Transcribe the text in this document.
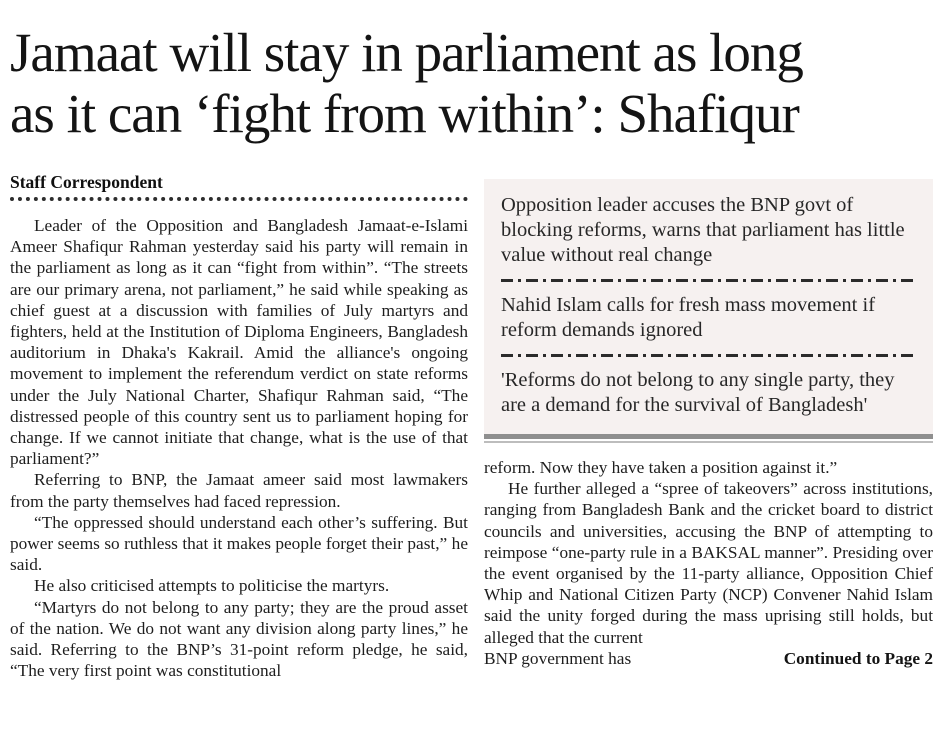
Jamaat will stay in parliament as long
as it can ‘fight from within’: Shafiqur
Staff Correspondent

Leader of the Opposition and Bangladesh Jamaat-e-Islami Ameer Shafiqur Rahman yesterday said his party will remain in the parliament as long as it can “fight from within”. “The streets are our primary arena, not parliament,” he said while speaking as chief guest at a discussion with families of July martyrs and fighters, held at the Institution of Diploma Engineers, Bangladesh auditorium in Dhaka's Kakrail. Amid the alliance's ongoing movement to implement the referendum verdict on state reforms under the July National Charter, Shafiqur Rahman said, “The distressed people of this country sent us to parliament hoping for change. If we cannot initiate that change, what is the use of that parliament?”

Referring to BNP, the Jamaat ameer said most lawmakers from the party themselves had faced repression.

“The oppressed should understand each other’s suffering. But power seems so ruthless that it makes people forget their past,” he said.

He also criticised attempts to politicise the martyrs.

“Martyrs do not belong to any party; they are the proud asset of the nation. We do not want any division along party lines,” he said. Referring to the BNP’s 31-point reform pledge, he said, “The very first point was constitutional

Opposition leader accuses the BNP govt of blocking reforms, warns that parliament has little value without real change

Nahid Islam calls for fresh mass movement if reform demands ignored

'Reforms do not belong to any single party, they are a demand for the survival of Bangladesh'

reform. Now they have taken a position against it.”

He further alleged a “spree of takeovers” across institutions, ranging from Bangladesh Bank and the cricket board to district councils and universities, accusing the BNP of attempting to reimpose “one-party rule in a BAKSAL manner”. Presiding over the event organised by the 11-party alliance, Opposition Chief Whip and National Citizen Party (NCP) Convener Nahid Islam said the unity forged during the mass uprising still holds, but alleged that the current

BNP government has	Continued to Page 2
